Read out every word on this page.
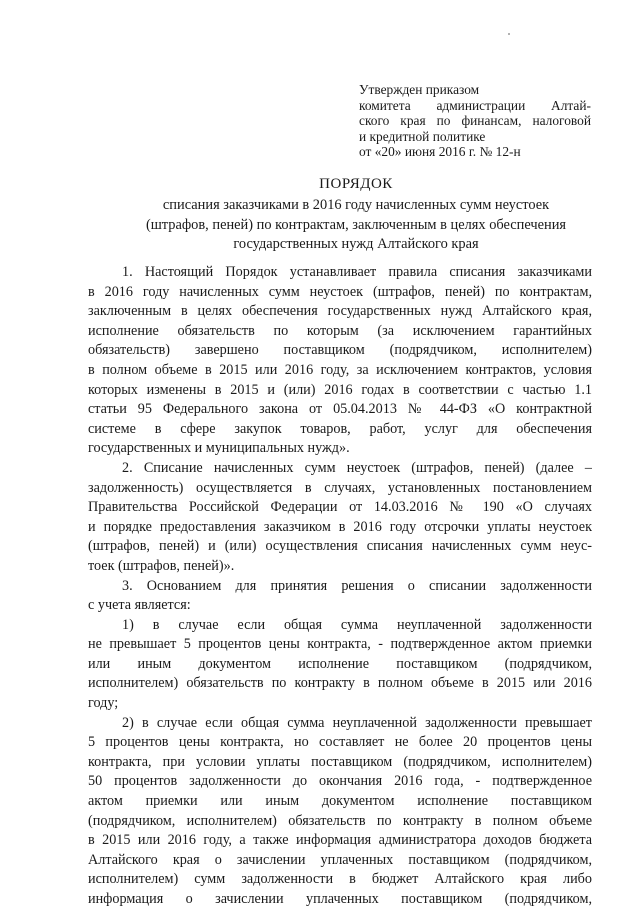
Утвержден приказом
комитета администрации Алтай-
ского края по финансам, налоговой
и кредитной политике
от «20» июня 2016 г. № 12-н
ПОРЯДОК
списания заказчиками в 2016 году начисленных сумм неустоек
(штрафов, пеней) по контрактам, заключенным в целях обеспечения
государственных нужд Алтайского края
1. Настоящий Порядок устанавливает правила списания заказчиками
в 2016 году начисленных сумм неустоек (штрафов, пеней) по контрактам,
заключенным в целях обеспечения государственных нужд Алтайского края,
исполнение обязательств по которым (за исключением гарантийных
обязательств) завершено поставщиком (подрядчиком, исполнителем)
в полном объеме в 2015 или 2016 году, за исключением контрактов, условия
которых изменены в 2015 и (или) 2016 годах в соответствии с частью 1.1
статьи 95 Федерального закона от 05.04.2013 № 44-ФЗ «О контрактной
системе в сфере закупок товаров, работ, услуг для обеспечения
государственных и муниципальных нужд».
2. Списание начисленных сумм неустоек (штрафов, пеней) (далее –
задолженность) осуществляется в случаях, установленных постановлением
Правительства Российской Федерации от 14.03.2016 № 190 «О случаях
и порядке предоставления заказчиком в 2016 году отсрочки уплаты неустоек
(штрафов, пеней) и (или) осуществления списания начисленных сумм неус-
тоек (штрафов, пеней)».
3. Основанием для принятия решения о списании задолженности
с учета является:
1) в случае если общая сумма неуплаченной задолженности
не превышает 5 процентов цены контракта, - подтвержденное актом приемки
или иным документом исполнение поставщиком (подрядчиком,
исполнителем) обязательств по контракту в полном объеме в 2015 или 2016
году;
2) в случае если общая сумма неуплаченной задолженности превышает
5 процентов цены контракта, но составляет не более 20 процентов цены
контракта, при условии уплаты поставщиком (подрядчиком, исполнителем)
50 процентов задолженности до окончания 2016 года, - подтвержденное
актом приемки или иным документом исполнение поставщиком
(подрядчиком, исполнителем) обязательств по контракту в полном объеме
в 2015 или 2016 году, а также информация администратора доходов бюджета
Алтайского края о зачислении уплаченных поставщиком (подрядчиком,
исполнителем) сумм задолженности в бюджет Алтайского края либо
информация о зачислении уплаченных поставщиком (подрядчиком,
